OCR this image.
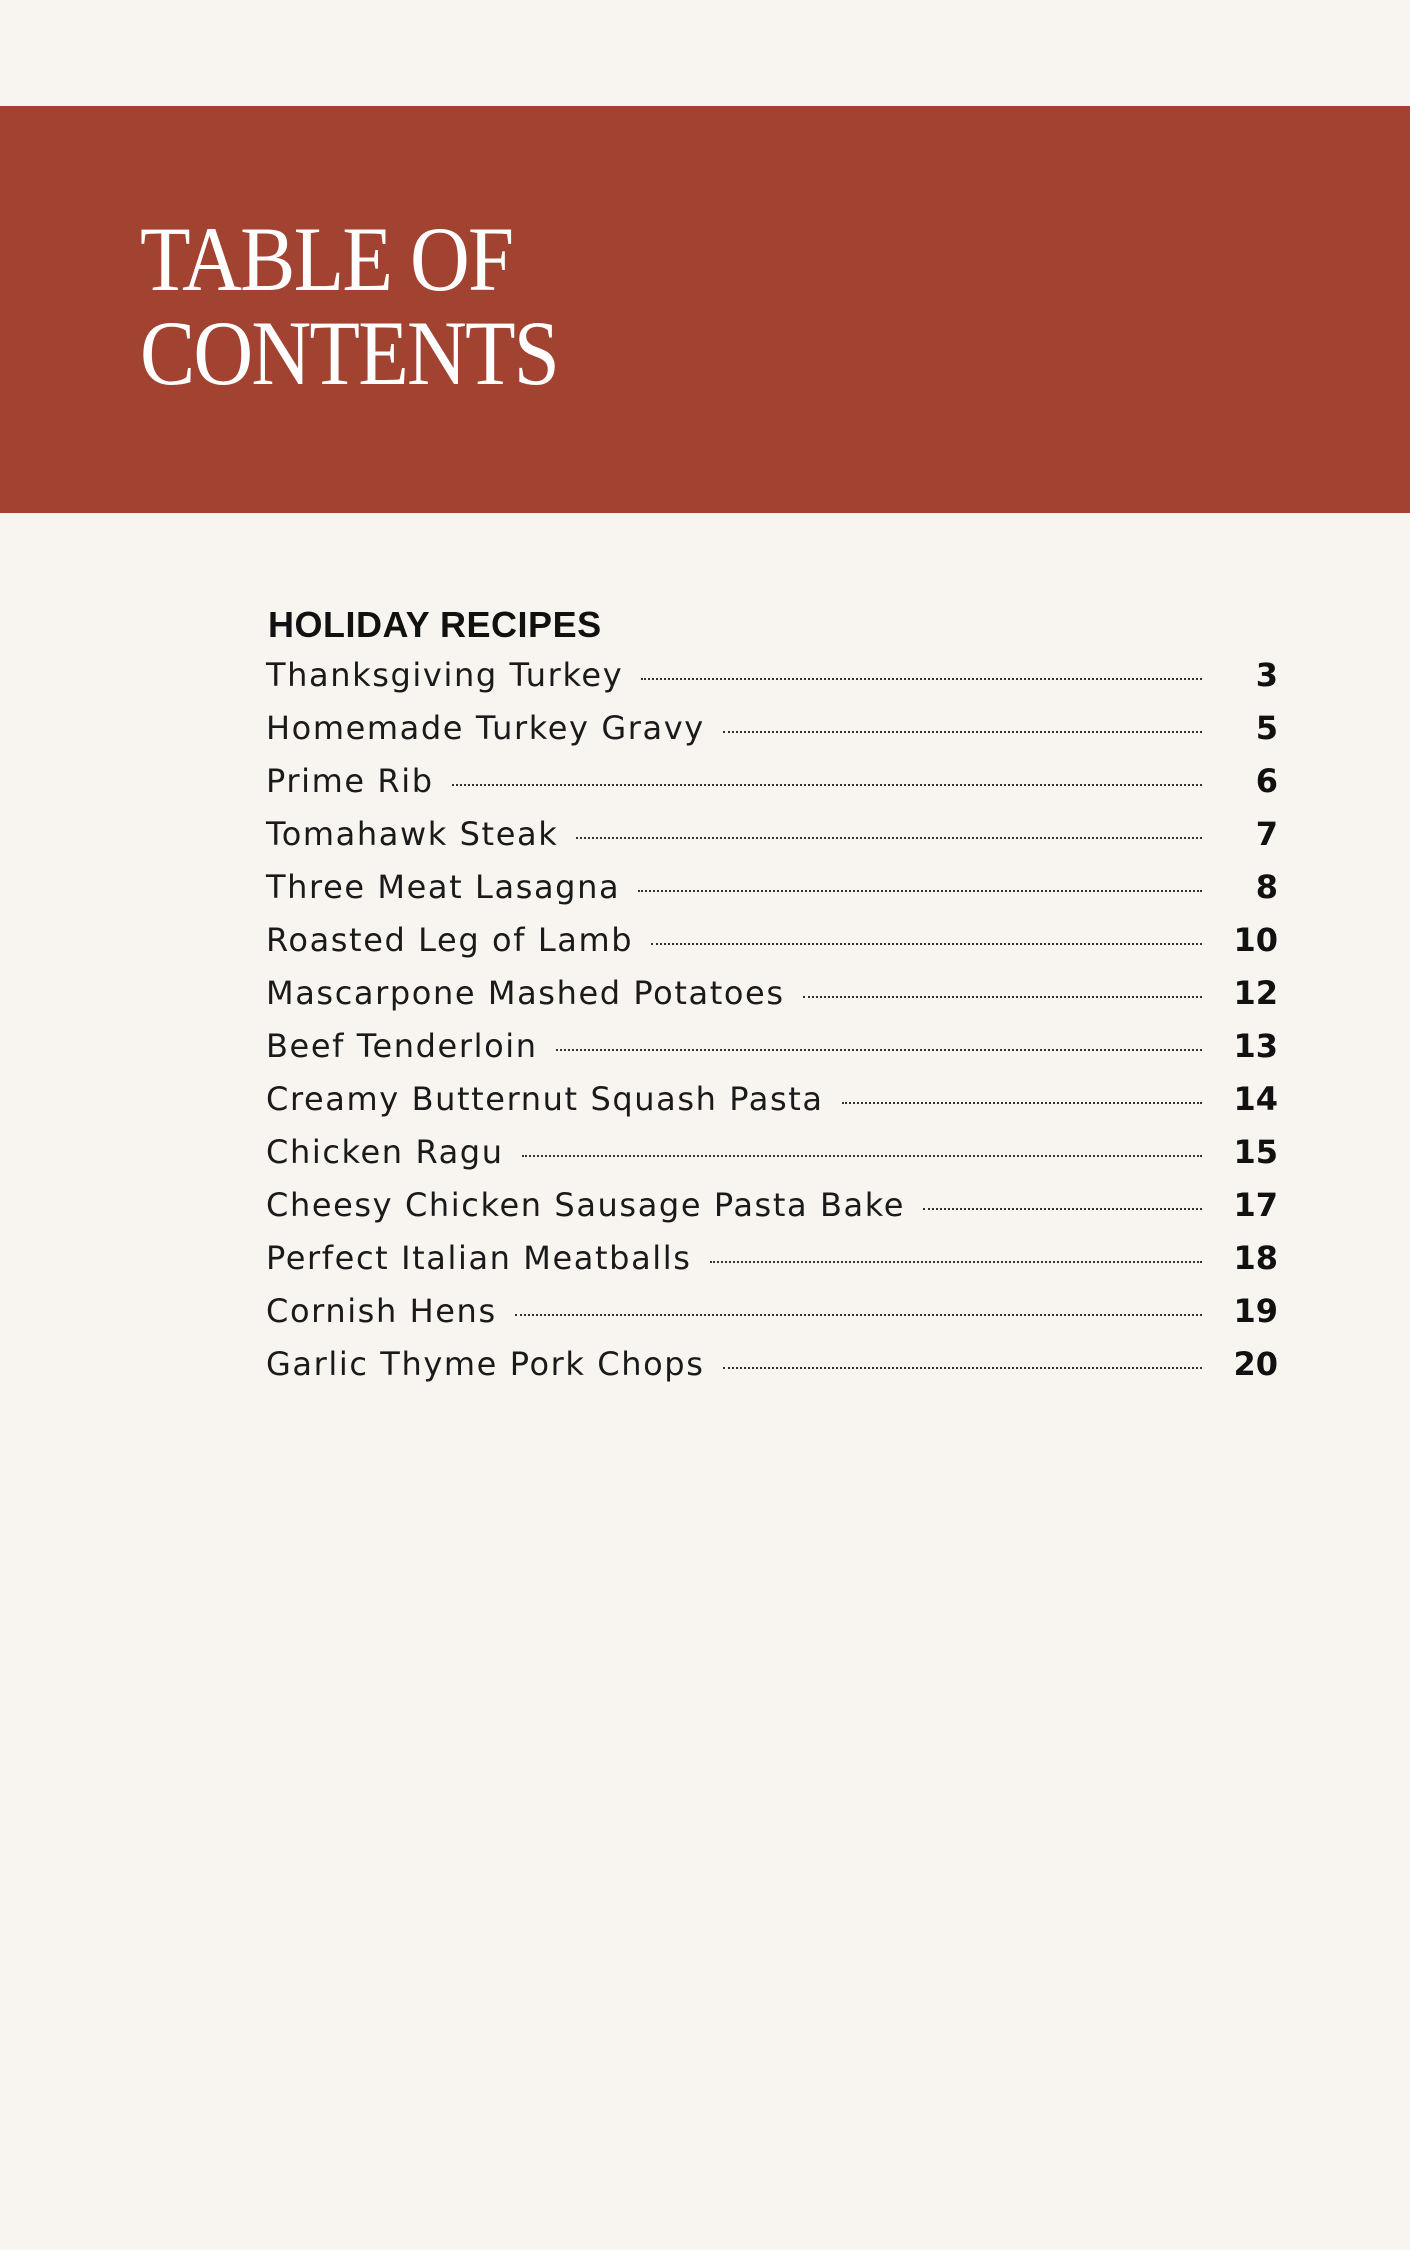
TABLE OF
CONTENTS
HOLIDAY RECIPES
Thanksgiving Turkey	3
Homemade Turkey Gravy	5
Prime Rib	6
Tomahawk Steak	7
Three Meat Lasagna	8
Roasted Leg of Lamb	10
Mascarpone Mashed Potatoes	12
Beef Tenderloin	13
Creamy Butternut Squash Pasta	14
Chicken Ragu	15
Cheesy Chicken Sausage Pasta Bake	17
Perfect Italian Meatballs	18
Cornish Hens	19
Garlic Thyme Pork Chops	20
